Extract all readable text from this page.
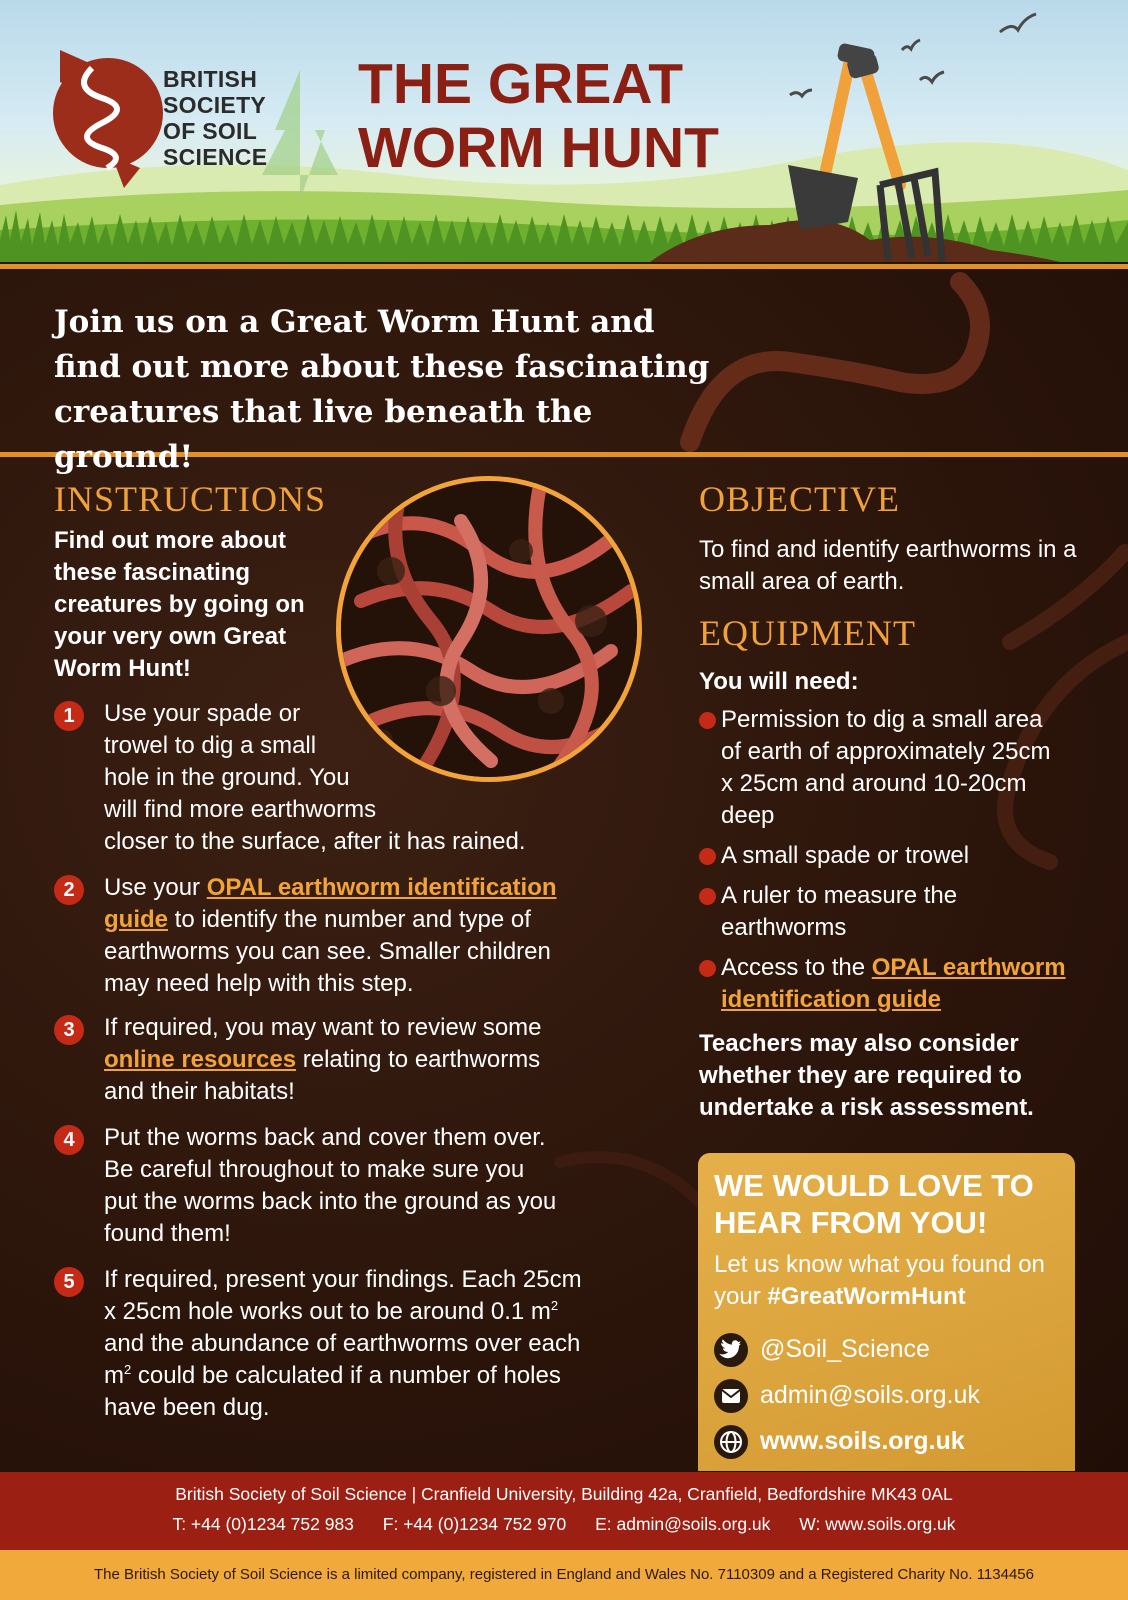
BRITISH
SOCIETY
OF SOIL
SCIENCE
THE GREAT
WORM HUNT
Join us on a Great Worm Hunt and find out more about these fascinating creatures that live beneath the ground!
INSTRUCTIONS
Find out more about these fascinating creatures by going on your very own Great Worm Hunt!
1	Use your spade or
trowel to dig a small
hole in the ground. You
will find more earthworms
closer to the surface, after it has rained.
2	Use your OPAL earthworm identification
guide to identify the number and type of
earthworms you can see. Smaller children
may need help with this step.
3	If required, you may want to review some
online resources relating to earthworms
and their habitats!
4	Put the worms back and cover them over.
Be careful throughout to make sure you
put the worms back into the ground as you
found them!
5	If required, present your findings. Each 25cm
x 25cm hole works out to be around 0.1 $m^2$
and the abundance of earthworms over each
$m^2$ could be calculated if a number of holes
have been dug.
OBJECTIVE
To find and identify earthworms in a small area of earth.
EQUIPMENT
You will need:
Permission to dig a small area of earth of approximately 25cm x 25cm and around 10-20cm deep
A small spade or trowel
A ruler to measure the earthworms
Access to the OPAL earthworm identification guide
Teachers may also consider whether they are required to undertake a risk assessment.
WE WOULD LOVE TO HEAR FROM YOU!
Let us know what you found on your #GreatWormHunt
@Soil_Science
admin@soils.org.uk
www.soils.org.uk
British Society of Soil Science | Cranfield University, Building 42a, Cranfield, Bedfordshire MK43 0AL
T: +44 (0)1234 752 983 F: +44 (0)1234 752 970 E: admin@soils.org.uk W: www.soils.org.uk
The British Society of Soil Science is a limited company, registered in England and Wales No. 7110309 and a Registered Charity No. 1134456
